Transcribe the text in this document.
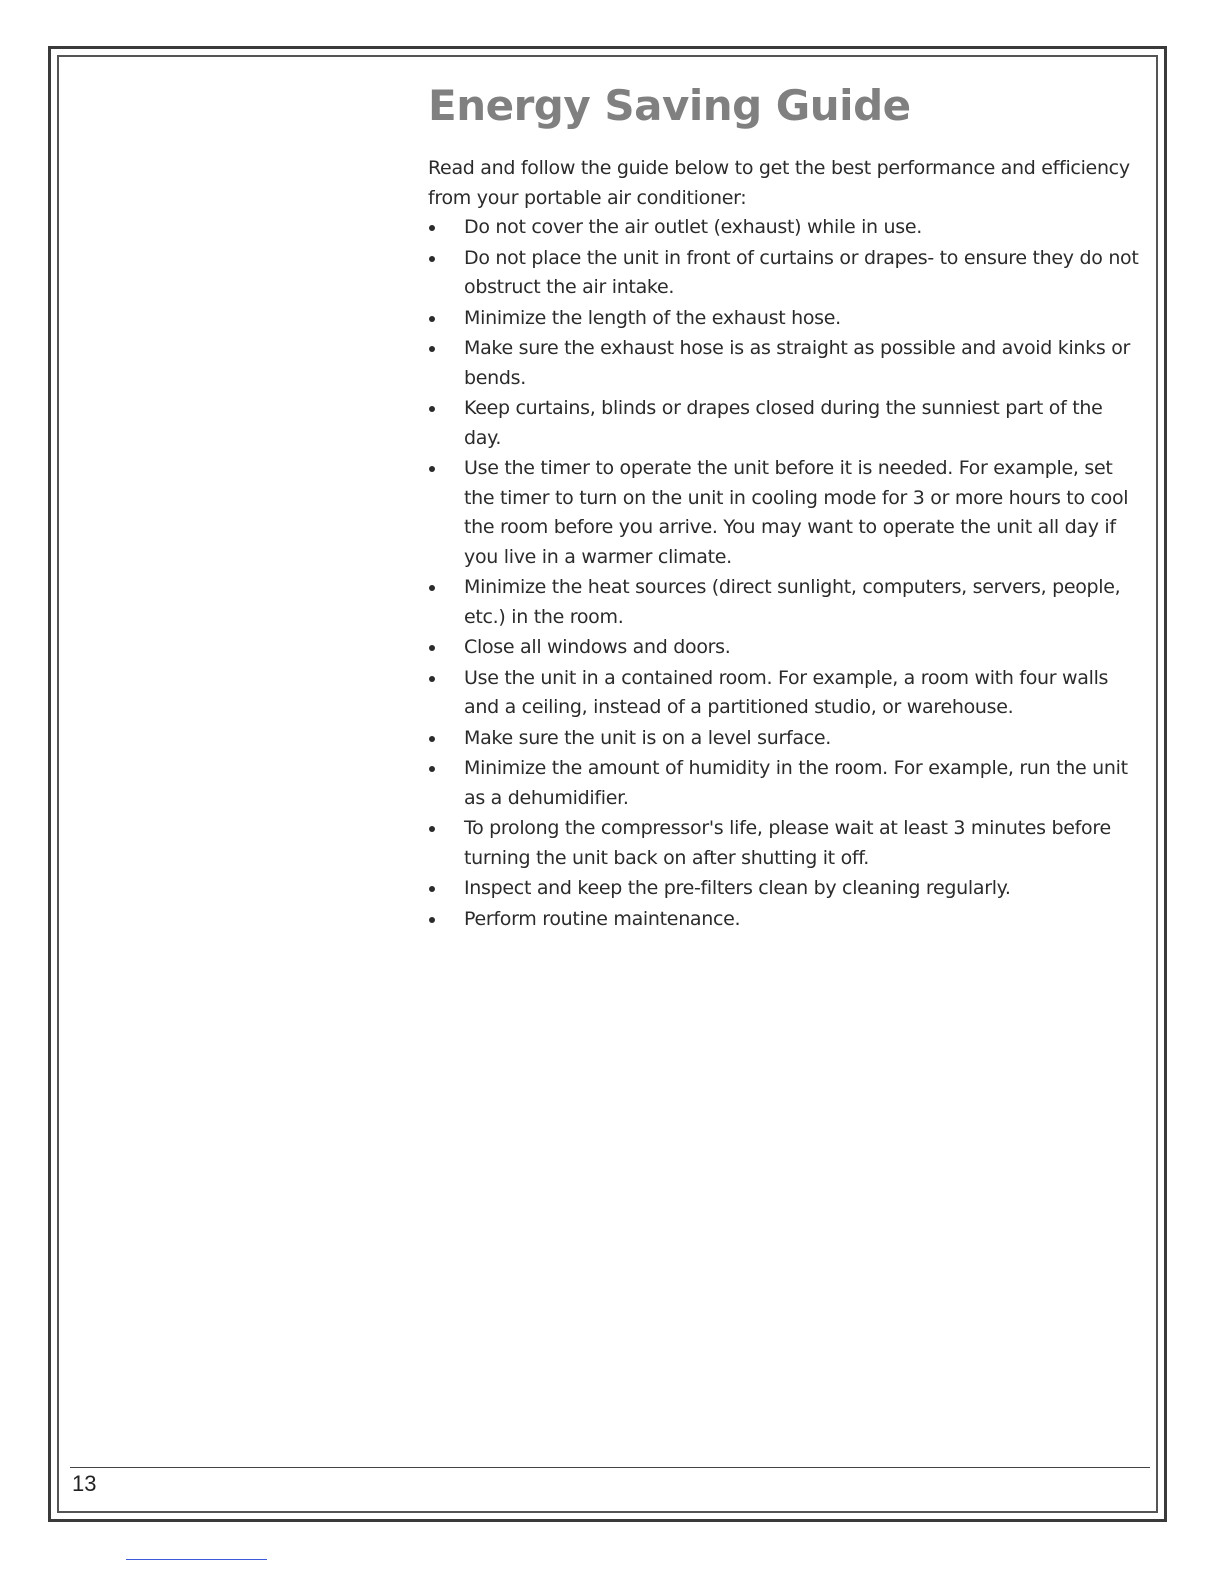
Energy Saving Guide

Read and follow the guide below to get the best performance and efficiency from your portable air conditioner:

Do not cover the air outlet (exhaust) while in use.
Do not place the unit in front of curtains or drapes- to ensure they do not obstruct the air intake.
Minimize the length of the exhaust hose.
Make sure the exhaust hose is as straight as possible and avoid kinks or bends.
Keep curtains, blinds or drapes closed during the sunniest part of the day.
Use the timer to operate the unit before it is needed. For example, set the timer to turn on the unit in cooling mode for 3 or more hours to cool the room before you arrive. You may want to operate the unit all day if you live in a warmer climate.
Minimize the heat sources (direct sunlight, computers, servers, people, etc.) in the room.
Close all windows and doors.
Use the unit in a contained room. For example, a room with four walls and a ceiling, instead of a partitioned studio, or warehouse.
Make sure the unit is on a level surface.
Minimize the amount of humidity in the room. For example, run the unit as a dehumidifier.
To prolong the compressor's life, please wait at least 3 minutes before turning the unit back on after shutting it off.
Inspect and keep the pre-filters clean by cleaning regularly.
Perform routine maintenance.
13
